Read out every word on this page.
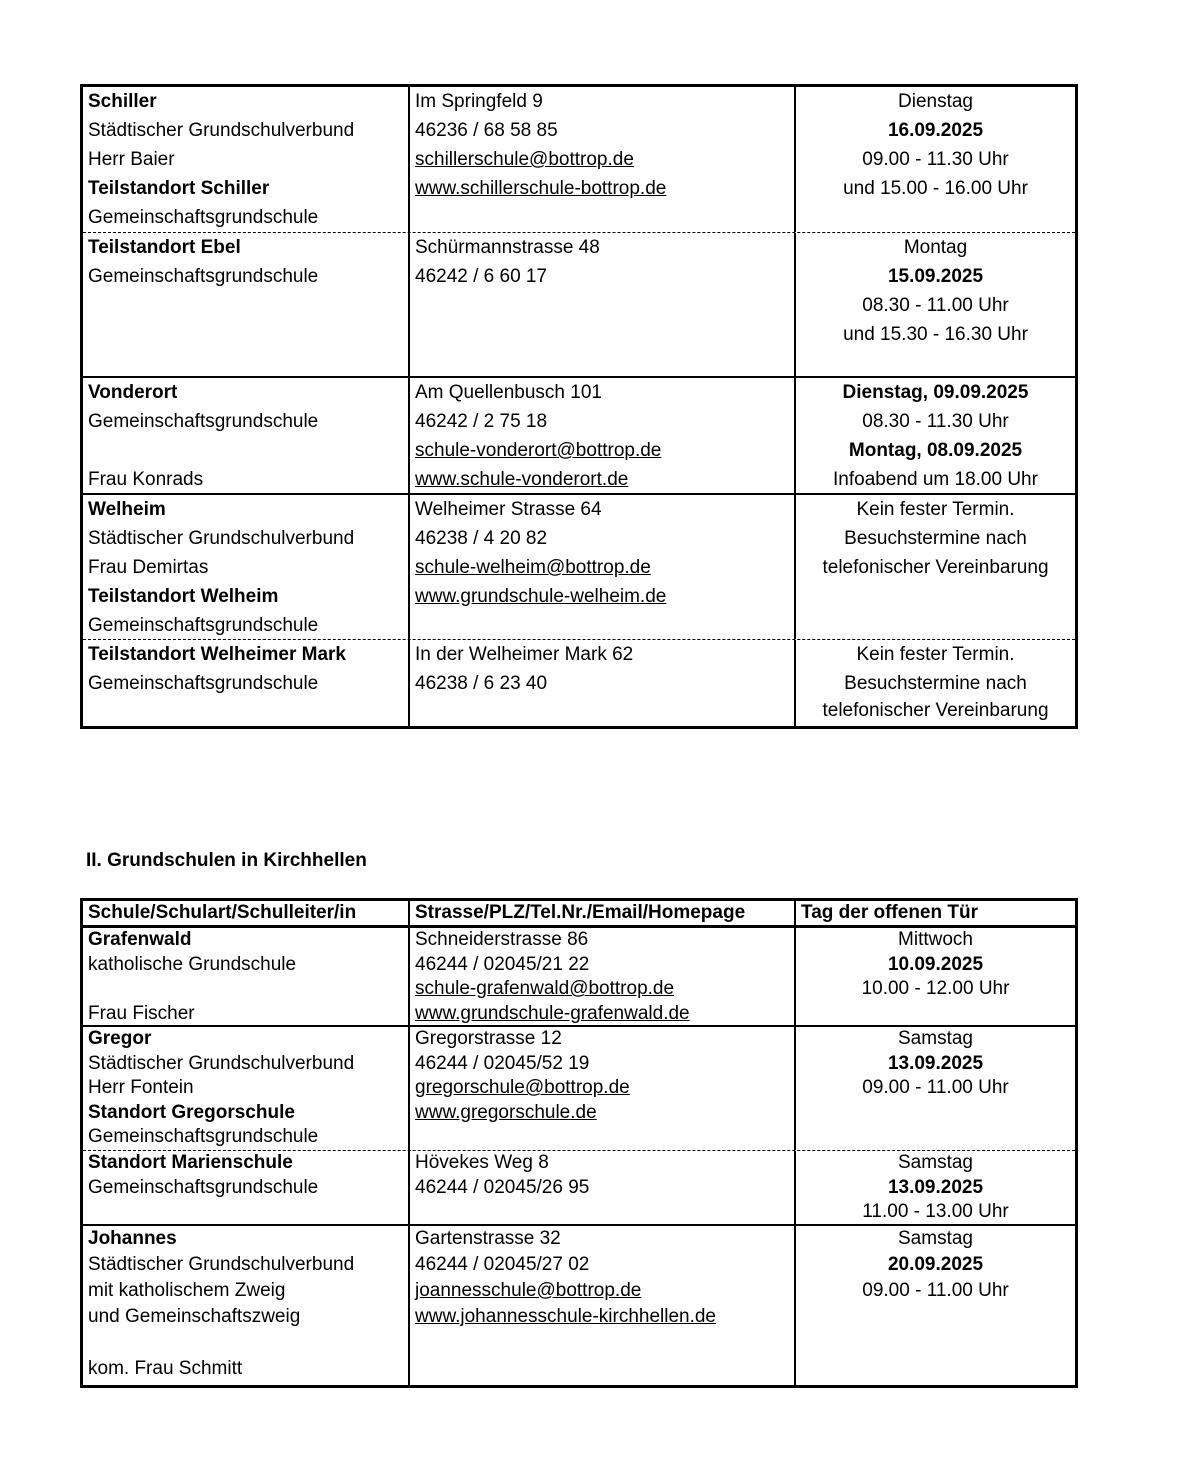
Schiller
Städtischer Grundschulverbund
Herr Baier
Teilstandort Schiller
Gemeinschaftsgrundschule
Im Springfeld 9
46236 / 68 58 85
schillerschule@bottrop.de
www.schillerschule-bottrop.de
Dienstag
16.09.2025
09.00 - 11.30 Uhr
und 15.00 - 16.00 Uhr
Teilstandort Ebel
Gemeinschaftsgrundschule
Schürmannstrasse 48
46242 / 6 60 17
Montag
15.09.2025
08.30 - 11.00 Uhr
und 15.30 - 16.30 Uhr
Vonderort
Gemeinschaftsgrundschule
Frau Konrads
Am Quellenbusch 101
46242 / 2 75 18
schule-vonderort@bottrop.de
www.schule-vonderort.de
Dienstag, 09.09.2025
08.30 - 11.30 Uhr
Montag, 08.09.2025
Infoabend um 18.00 Uhr
Welheim
Städtischer Grundschulverbund
Frau Demirtas
Teilstandort Welheim
Gemeinschaftsgrundschule
Welheimer Strasse 64
46238 / 4 20 82
schule-welheim@bottrop.de
www.grundschule-welheim.de
Kein fester Termin.
Besuchstermine nach
telefonischer Vereinbarung
Teilstandort Welheimer Mark
Gemeinschaftsgrundschule
In der Welheimer Mark 62
46238 / 6 23 40
Kein fester Termin.
Besuchstermine nach
telefonischer Vereinbarung
II. Grundschulen in Kirchhellen
Schule/Schulart/Schulleiter/in	Strasse/PLZ/Tel.Nr./Email/Homepage	Tag der offenen Tür
Grafenwald
katholische Grundschule
Frau Fischer
Schneiderstrasse 86
46244 / 02045/21 22
schule-grafenwald@bottrop.de
www.grundschule-grafenwald.de
Mittwoch
10.09.2025
10.00 - 12.00 Uhr
Gregor
Städtischer Grundschulverbund
Herr Fontein
Standort Gregorschule
Gemeinschaftsgrundschule
Gregorstrasse 12
46244 / 02045/52 19
gregorschule@bottrop.de
www.gregorschule.de
Samstag
13.09.2025
09.00 - 11.00 Uhr
Standort Marienschule
Gemeinschaftsgrundschule
Hövekes Weg 8
46244 / 02045/26 95
Samstag
13.09.2025
11.00 - 13.00 Uhr
Johannes
Städtischer Grundschulverbund
mit katholischem Zweig
und Gemeinschaftszweig
kom. Frau Schmitt
Gartenstrasse 32
46244 / 02045/27 02
joannesschule@bottrop.de
www.johannesschule-kirchhellen.de
Samstag
20.09.2025
09.00 - 11.00 Uhr
